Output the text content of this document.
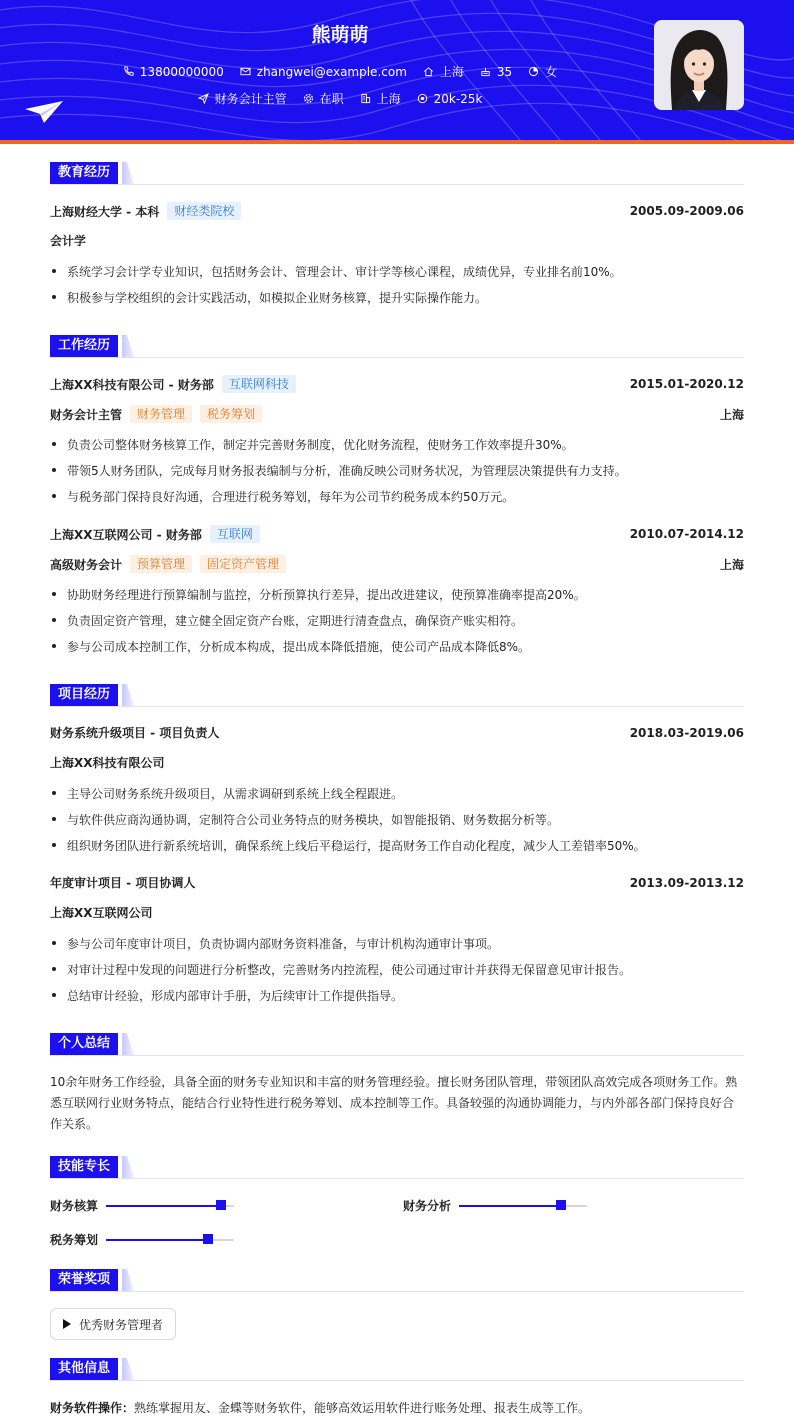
熊萌萌
13800000000	zhangwei@example.com	上海	35	女
财务会计主管	在职	上海	20k-25k
教育经历
上海财经大学 - 本科	财经类院校	2005.09-2009.06
会计学
系统学习会计学专业知识，包括财务会计、管理会计、审计学等核心课程，成绩优异，专业排名前10%。
积极参与学校组织的会计实践活动，如模拟企业财务核算，提升实际操作能力。
工作经历
上海XX科技有限公司 - 财务部	互联网科技	2015.01-2020.12
财务会计主管	财务管理	税务筹划	上海
负责公司整体财务核算工作，制定并完善财务制度，优化财务流程，使财务工作效率提升30%。
带领5人财务团队，完成每月财务报表编制与分析，准确反映公司财务状况，为管理层决策提供有力支持。
与税务部门保持良好沟通，合理进行税务筹划，每年为公司节约税务成本约50万元。
上海XX互联网公司 - 财务部	互联网	2010.07-2014.12
高级财务会计	预算管理	固定资产管理	上海
协助财务经理进行预算编制与监控，分析预算执行差异，提出改进建议，使预算准确率提高20%。
负责固定资产管理，建立健全固定资产台账，定期进行清查盘点，确保资产账实相符。
参与公司成本控制工作，分析成本构成，提出成本降低措施，使公司产品成本降低8%。
项目经历
财务系统升级项目 - 项目负责人	2018.03-2019.06
上海XX科技有限公司
主导公司财务系统升级项目，从需求调研到系统上线全程跟进。
与软件供应商沟通协调，定制符合公司业务特点的财务模块，如智能报销、财务数据分析等。
组织财务团队进行新系统培训，确保系统上线后平稳运行，提高财务工作自动化程度，减少人工差错率50%。
年度审计项目 - 项目协调人	2013.09-2013.12
上海XX互联网公司
参与公司年度审计项目，负责协调内部财务资料准备，与审计机构沟通审计事项。
对审计过程中发现的问题进行分析整改，完善财务内控流程，使公司通过审计并获得无保留意见审计报告。
总结审计经验，形成内部审计手册，为后续审计工作提供指导。
个人总结
10余年财务工作经验，具备全面的财务专业知识和丰富的财务管理经验。擅长财务团队管理，带领团队高效完成各项财务工作。熟悉互联网行业财务特点，能结合行业特性进行税务筹划、成本控制等工作。具备较强的沟通协调能力，与内外部各部门保持良好合作关系。
技能专长
财务核算	财务分析
税务筹划
荣誉奖项
优秀财务管理者
其他信息
财务软件操作： 熟练掌握用友、金蝶等财务软件，能够高效运用软件进行账务处理、报表生成等工作。
